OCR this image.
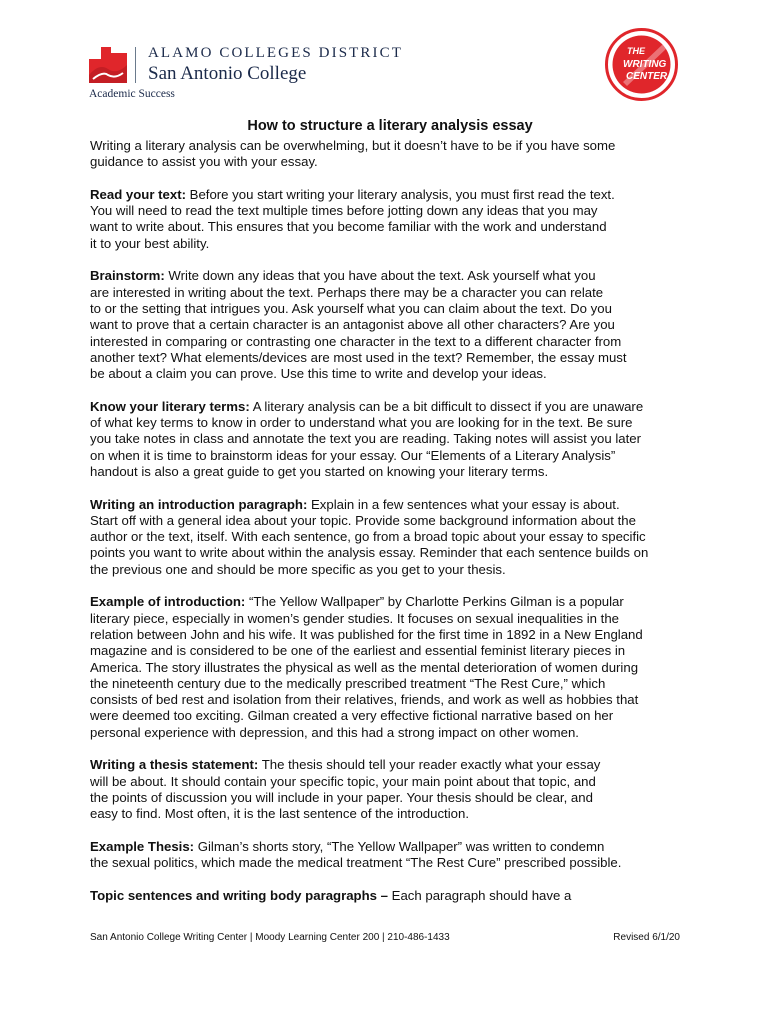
ALAMO COLLEGES DISTRICT
San Antonio College
Academic Success
THE
WRITING
CENTER
How to structure a literary analysis essay

Writing a literary analysis can be overwhelming, but it doesn’t have to be if you have some
guidance to assist you with your essay.

Read your text: Before you start writing your literary analysis, you must first read the text.
You will need to read the text multiple times before jotting down any ideas that you may
want to write about. This ensures that you become familiar with the work and understand
it to your best ability.

Brainstorm: Write down any ideas that you have about the text. Ask yourself what you
are interested in writing about the text. Perhaps there may be a character you can relate
to or the setting that intrigues you. Ask yourself what you can claim about the text. Do you
want to prove that a certain character is an antagonist above all other characters? Are you
interested in comparing or contrasting one character in the text to a different character from
another text? What elements/devices are most used in the text? Remember, the essay must
be about a claim you can prove. Use this time to write and develop your ideas.

Know your literary terms: A literary analysis can be a bit difficult to dissect if you are unaware
of what key terms to know in order to understand what you are looking for in the text. Be sure
you take notes in class and annotate the text you are reading. Taking notes will assist you later
on when it is time to brainstorm ideas for your essay. Our “Elements of a Literary Analysis”
handout is also a great guide to get you started on knowing your literary terms.

Writing an introduction paragraph: Explain in a few sentences what your essay is about.
Start off with a general idea about your topic. Provide some background information about the
author or the text, itself. With each sentence, go from a broad topic about your essay to specific
points you want to write about within the analysis essay. Reminder that each sentence builds on
the previous one and should be more specific as you get to your thesis.

Example of introduction: “The Yellow Wallpaper” by Charlotte Perkins Gilman is a popular
literary piece, especially in women’s gender studies. It focuses on sexual inequalities in the
relation between John and his wife. It was published for the first time in 1892 in a New England
magazine and is considered to be one of the earliest and essential feminist literary pieces in
America. The story illustrates the physical as well as the mental deterioration of women during
the nineteenth century due to the medically prescribed treatment “The Rest Cure,” which
consists of bed rest and isolation from their relatives, friends, and work as well as hobbies that
were deemed too exciting. Gilman created a very effective fictional narrative based on her
personal experience with depression, and this had a strong impact on other women.

Writing a thesis statement: The thesis should tell your reader exactly what your essay
will be about. It should contain your specific topic, your main point about that topic, and
the points of discussion you will include in your paper. Your thesis should be clear, and
easy to find. Most often, it is the last sentence of the introduction.

Example Thesis: Gilman’s shorts story, “The Yellow Wallpaper” was written to condemn
the sexual politics, which made the medical treatment “The Rest Cure” prescribed possible.

Topic sentences and writing body paragraphs – Each paragraph should have a

San Antonio College Writing Center | Moody Learning Center 200 | 210-486-1433	Revised 6/1/20
